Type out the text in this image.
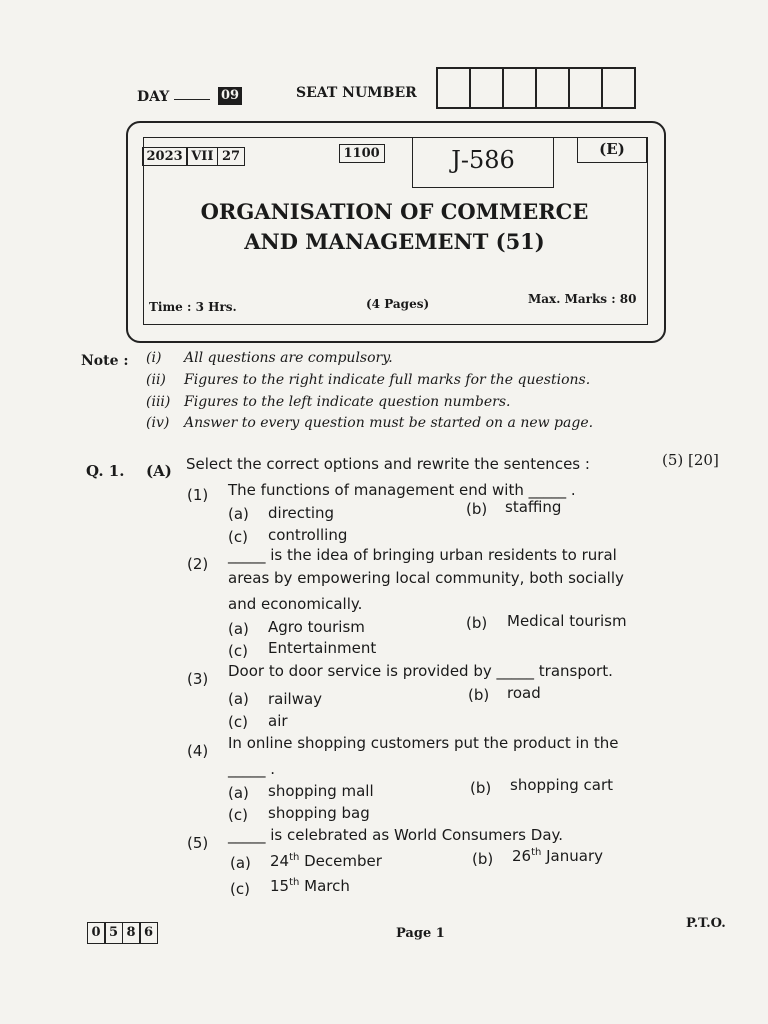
DAY	09	SEAT NUMBER
2023 VII 27	1100	J-586	(E)
ORGANISATION OF COMMERCE
AND MANAGEMENT (51)
Time : 3 Hrs.	(4 Pages)	Max. Marks : 80
Note : (i) All questions are compulsory.
(ii) Figures to the right indicate full marks for the questions.
(iii) Figures to the left indicate question numbers.
(iv) Answer to every question must be started on a new page.
Q. 1. (A) Select the correct options and rewrite the sentences :	(5) [20]
(1) The functions of management end with _____ .
(a) directing	(b) staffing
(c) controlling
(2) _____ is the idea of bringing urban residents to rural
areas by empowering local community, both socially
and economically.
(a) Agro tourism	(b) Medical tourism
(c) Entertainment
(3) Door to door service is provided by _____ transport.
(a) railway	(b) road
(c) air
(4) In online shopping customers put the product in the
_____ .
(a) shopping mall	(b) shopping cart
(c) shopping bag
(5) _____ is celebrated as World Consumers Day.
(a) 24th December	(b) 26th January
(c) 15th March
0 5 8 6	Page 1
P.T.O.
